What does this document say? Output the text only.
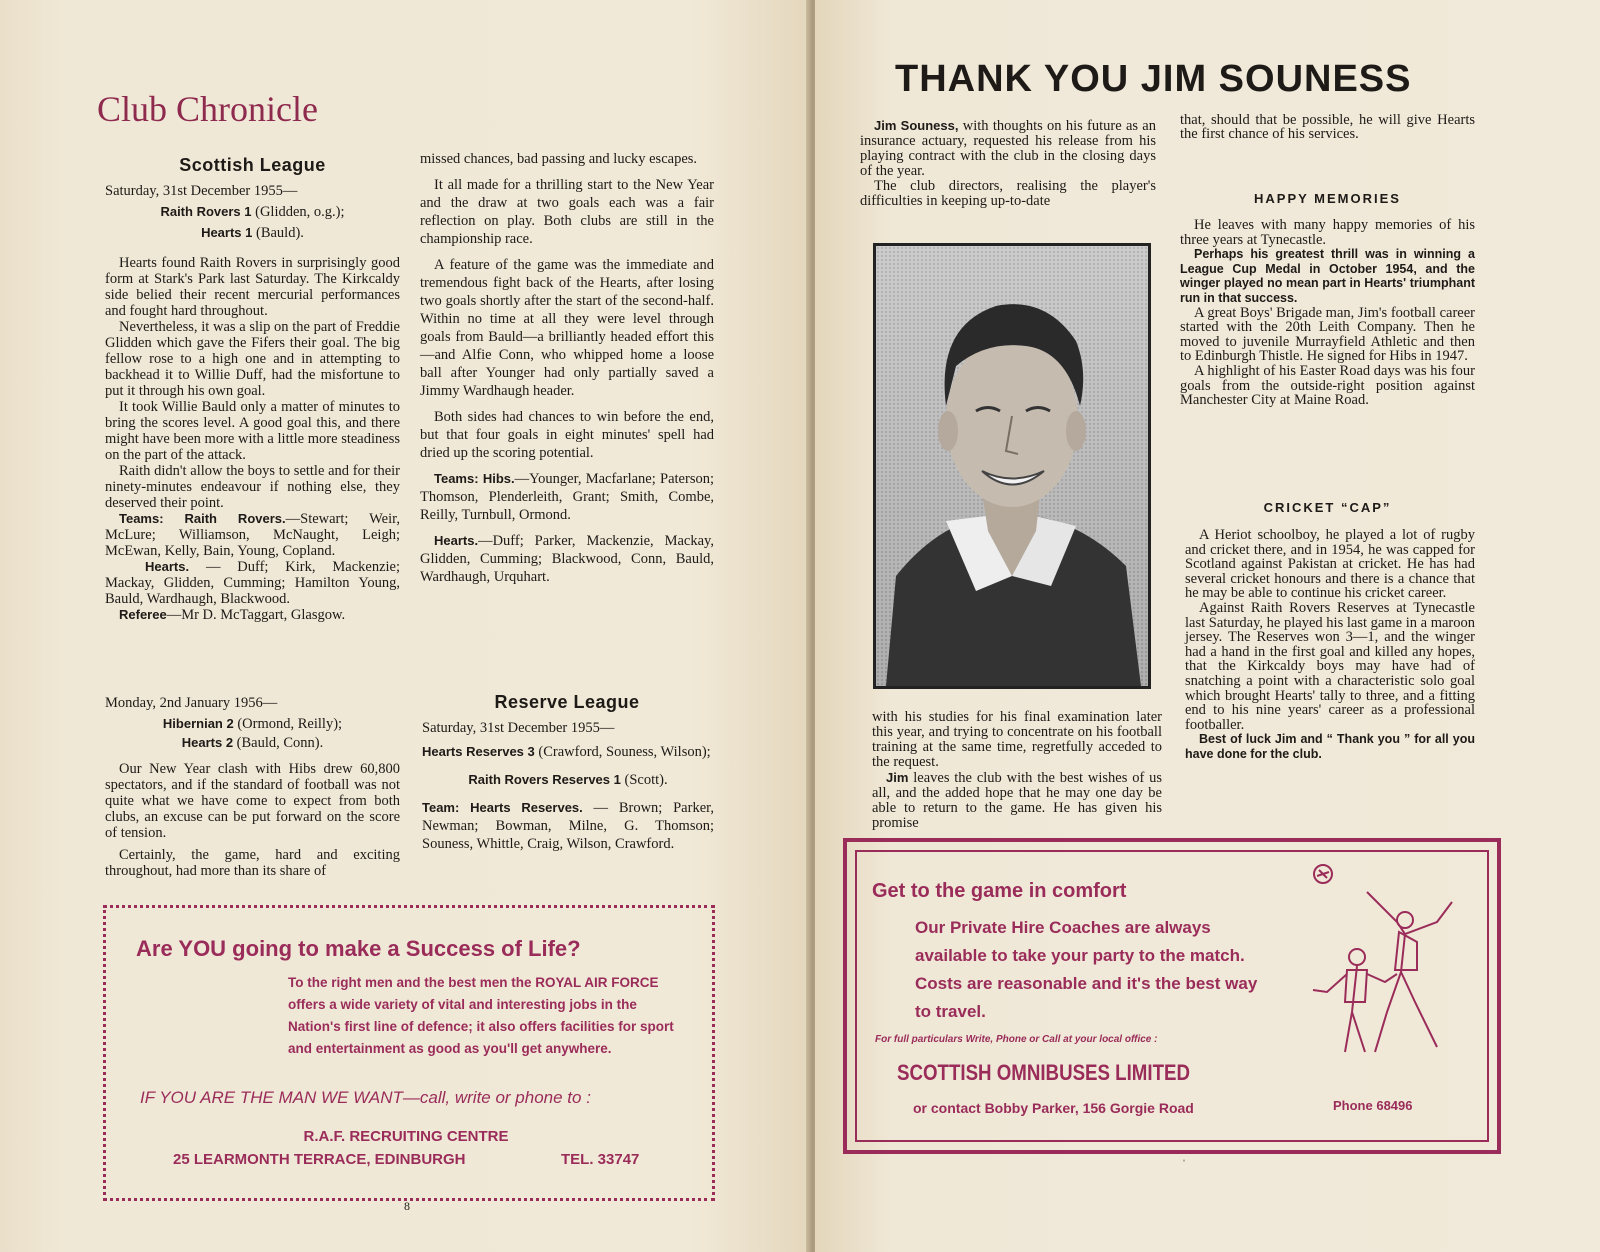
Club Chronicle
Scottish League

Saturday, 31st December 1955—

Raith Rovers 1 (Glidden, o.g.);

Hearts 1 (Bauld).

Hearts found Raith Rovers in surprisingly good form at Stark's Park last Saturday. The Kirkcaldy side belied their recent mercurial performances and fought hard throughout.

Nevertheless, it was a slip on the part of Freddie Glidden which gave the Fifers their goal. The big fellow rose to a high one and in attempting to backhead it to Willie Duff, had the misfortune to put it through his own goal.

It took Willie Bauld only a matter of minutes to bring the scores level. A good goal this, and there might have been more with a little more steadiness on the part of the attack.

Raith didn't allow the boys to settle and for their ninety-minutes endeavour if nothing else, they deserved their point.

Teams: Raith Rovers.—Stewart; Weir, McLure; Williamson, McNaught, Leigh; McEwan, Kelly, Bain, Young, Copland.

Hearts. — Duff; Kirk, Mackenzie; Mackay, Glidden, Cumming; Hamilton Young, Bauld, Wardhaugh, Blackwood.

Referee—Mr D. McTaggart, Glasgow.

Monday, 2nd January 1956—

Hibernian 2 (Ormond, Reilly);

Hearts 2 (Bauld, Conn).

Our New Year clash with Hibs drew 60,800 spectators, and if the standard of football was not quite what we have come to expect from both clubs, an excuse can be put forward on the score of tension.

Certainly, the game, hard and exciting throughout, had more than its share of

missed chances, bad passing and lucky escapes.

It all made for a thrilling start to the New Year and the draw at two goals each was a fair reflection on play. Both clubs are still in the championship race.

A feature of the game was the immediate and tremendous fight back of the Hearts, after losing two goals shortly after the start of the second-half. Within no time at all they were level through goals from Bauld—a brilliantly headed effort this—and Alfie Conn, who whipped home a loose ball after Younger had only partially saved a Jimmy Wardhaugh header.

Both sides had chances to win before the end, but that four goals in eight minutes' spell had dried up the scoring potential.

Teams: Hibs.—Younger, Macfarlane; Paterson; Thomson, Plenderleith, Grant; Smith, Combe, Reilly, Turnbull, Ormond.

Hearts.—Duff; Parker, Mackenzie, Mackay, Glidden, Cumming; Blackwood, Conn, Bauld, Wardhaugh, Urquhart.

Reserve League

Saturday, 31st December 1955—

Hearts Reserves 3 (Crawford, Souness, Wilson);

Raith Rovers Reserves 1 (Scott).

Team: Hearts Reserves. — Brown; Parker, Newman; Bowman, Milne, G. Thomson; Souness, Whittle, Craig, Wilson, Crawford.

Are YOU going to make a Success of Life?
To the right men and the best men the ROYAL AIR FORCE offers a wide variety of vital and interesting jobs in the Nation's first line of defence; it also offers facilities for sport and entertainment as good as you'll get anywhere.
IF YOU ARE THE MAN WE WANT—call, write or phone to :
R.A.F. RECRUITING CENTRE
25 LEARMONTH TERRACE, EDINBURGH	TEL. 33747
8
THANK YOU JIM SOUNESS

Jim Souness, with thoughts on his future as an insurance actuary, requested his release from his playing contract with the club in the closing days of the year.

The club directors, realising the player's difficulties in keeping up-to-date

with his studies for his final examination later this year, and trying to concentrate on his football training at the same time, regretfully acceded to the request.

Jim leaves the club with the best wishes of us all, and the added hope that he may one day be able to return to the game. He has given his promise

that, should that be possible, he will give Hearts the first chance of his services.

HAPPY MEMORIES

He leaves with many happy memories of his three years at Tynecastle.

Perhaps his greatest thrill was in winning a League Cup Medal in October 1954, and the winger played no mean part in Hearts' triumphant run in that success.

A great Boys' Brigade man, Jim's football career started with the 20th Leith Company. Then he moved to juvenile Murrayfield Athletic and then to Edinburgh Thistle. He signed for Hibs in 1947.

A highlight of his Easter Road days was his four goals from the outside-right position against Manchester City at Maine Road.

CRICKET “CAP”

A Heriot schoolboy, he played a lot of rugby and cricket there, and in 1954, he was capped for Scotland against Pakistan at cricket. He has had several cricket honours and there is a chance that he may be able to continue his cricket career.

Against Raith Rovers Reserves at Tynecastle last Saturday, he played his last game in a maroon jersey. The Reserves won 3—1, and the winger had a hand in the first goal and killed any hopes, that the Kirkcaldy boys may have had of snatching a point with a characteristic solo goal which brought Hearts' tally to three, and a fitting end to his nine years' career as a professional footballer.

Best of luck Jim and “ Thank you ” for all you have done for the club.

Get to the game in comfort
Our Private Hire Coaches are always available to take your party to the match. Costs are reasonable and it's the best way to travel.
For full particulars Write, Phone or Call at your local office :
SCOTTISH OMNIBUSES LIMITED
or contact Bobby Parker, 156 Gorgie Road	Phone 68496
ˈ
